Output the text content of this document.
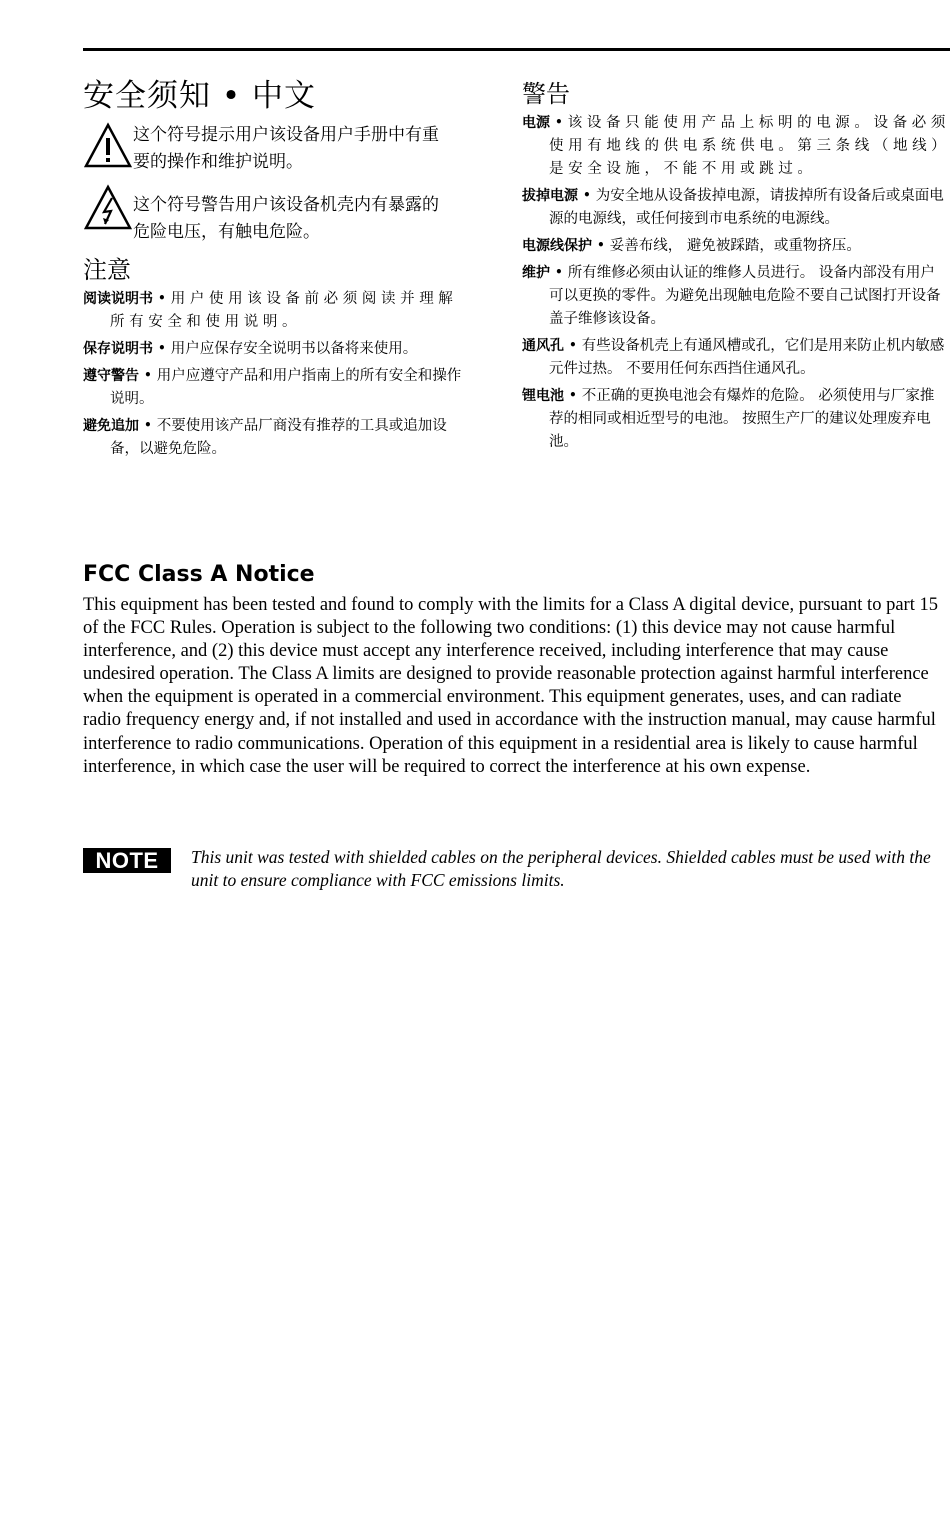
安全须知 • 中文
这个符号提示用户该设备用户手册中有重要的操作和维护说明。
这个符号警告用户该设备机壳内有暴露的危险电压，有触电危险。
注意

阅读说明书 • 用 户 使 用 该 设 备 前 必 须 阅 读 并 理 解 所 有 安 全 和 使 用 说 明 。

保存说明书 • 用户应保存安全说明书以备将来使用。

遵守警告 • 用户应遵守产品和用户指南上的所有安全和操作说明。

避免追加 • 不要使用该产品厂商没有推荐的工具或追加设备，以避免危险。

警告

电源 • 该 设 备 只 能 使 用 产 品 上 标 明 的 电 源 。 设 备 必 须 使 用 有 地 线 的 供 电 系 统 供 电 。 第 三 条 线 （ 地 线 ） 是 安 全 设 施 ， 不 能 不 用 或 跳 过 。

拔掉电源 • 为安全地从设备拔掉电源，请拔掉所有设备后或桌面电源的电源线，或任何接到市电系统的电源线。

电源线保护 • 妥善布线， 避免被踩踏，或重物挤压。

维护 • 所有维修必须由认证的维修人员进行。 设备内部没有用户可以更换的零件。为避免出现触电危险不要自己试图打开设备盖子维修该设备。

通风孔 • 有些设备机壳上有通风槽或孔，它们是用来防止机内敏感元件过热。 不要用任何东西挡住通风孔。

锂电池 • 不正确的更换电池会有爆炸的危险。 必须使用与厂家推荐的相同或相近型号的电池。 按照生产厂的建议处理废弃电池。

FCC Class A Notice

This equipment has been tested and found to comply with the limits for a Class A digital device, pursuant to part 15 of the FCC Rules. Operation is subject to the following two conditions: (1) this device may not cause harmful interference, and (2) this device must accept any interference received, including interference that may cause undesired operation. The Class A limits are designed to provide reasonable protection against harmful interference when the equipment is operated in a commercial environment. This equipment generates, uses, and can radiate radio frequency energy and, if not installed and used in accordance with the instruction manual, may cause harmful interference to radio communications. Operation of this equipment in a residential area is likely to cause harmful interference, in which case the user will be required to correct the interference at his own expense.

NOTE	This unit was tested with shielded cables on the peripheral devices. Shielded cables must be used with the unit to ensure compliance with FCC emissions limits.
